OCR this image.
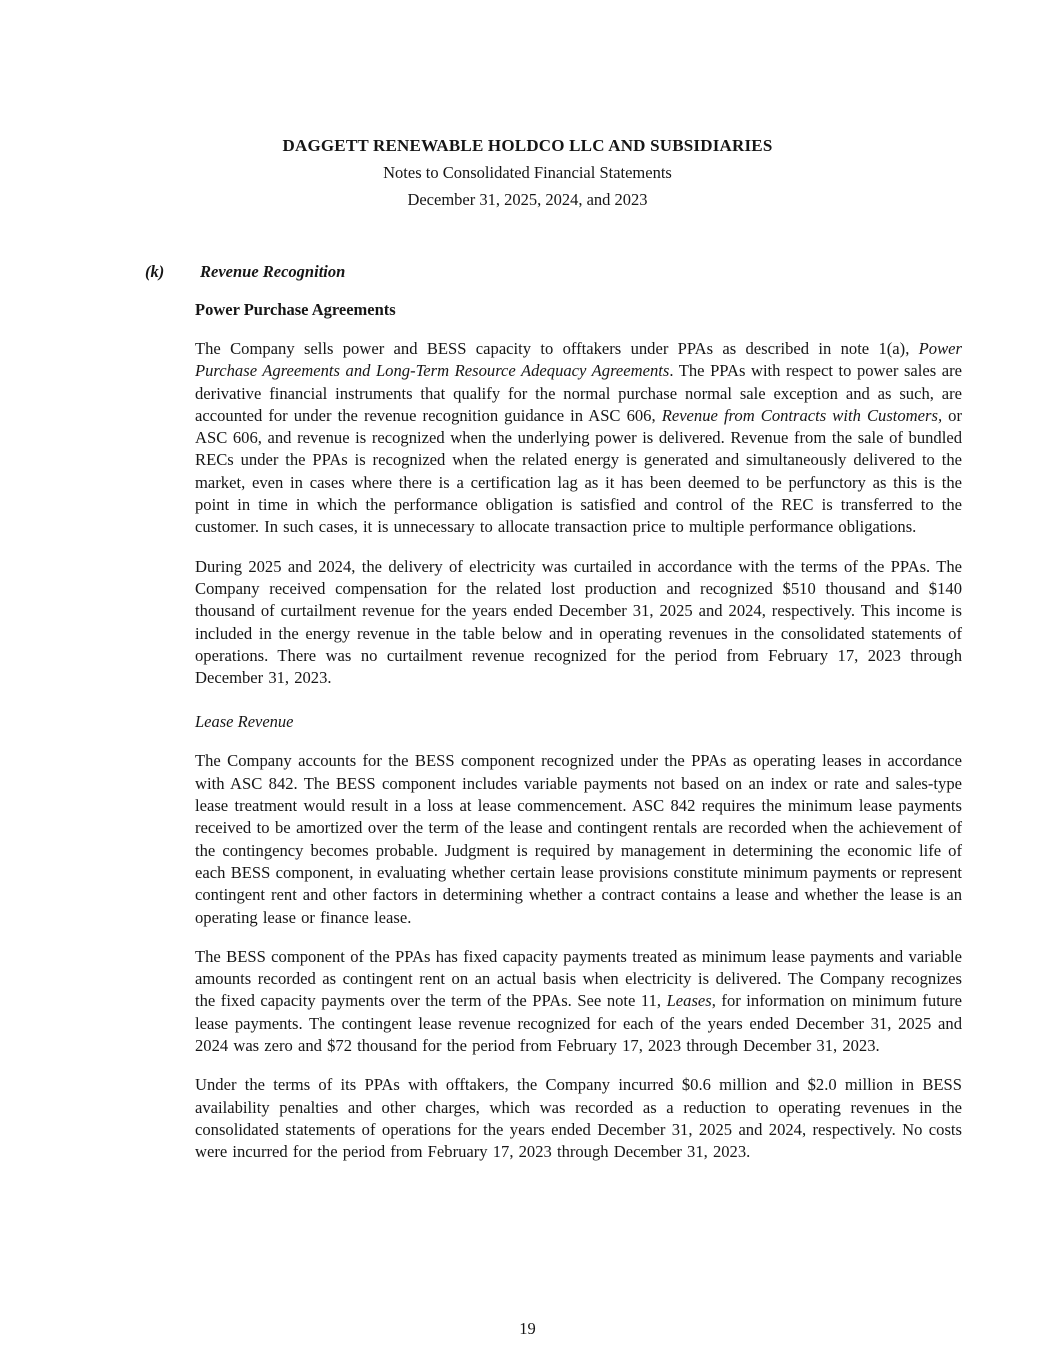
DAGGETT RENEWABLE HOLDCO LLC AND SUBSIDIARIES
Notes to Consolidated Financial Statements
December 31, 2025, 2024, and 2023
(k) Revenue Recognition
Power Purchase Agreements

The Company sells power and BESS capacity to offtakers under PPAs as described in note 1(a), Power Purchase Agreements and Long-Term Resource Adequacy Agreements. The PPAs with respect to power sales are derivative financial instruments that qualify for the normal purchase normal sale exception and as such, are accounted for under the revenue recognition guidance in ASC 606, Revenue from Contracts with Customers, or ASC 606, and revenue is recognized when the underlying power is delivered. Revenue from the sale of bundled RECs under the PPAs is recognized when the related energy is generated and simultaneously delivered to the market, even in cases where there is a certification lag as it has been deemed to be perfunctory as this is the point in time in which the performance obligation is satisfied and control of the REC is transferred to the customer. In such cases, it is unnecessary to allocate transaction price to multiple performance obligations.

During 2025 and 2024, the delivery of electricity was curtailed in accordance with the terms of the PPAs. The Company received compensation for the related lost production and recognized $510 thousand and $140 thousand of curtailment revenue for the years ended December 31, 2025 and 2024, respectively. This income is included in the energy revenue in the table below and in operating revenues in the consolidated statements of operations. There was no curtailment revenue recognized for the period from February 17, 2023 through December 31, 2023.

Lease Revenue

The Company accounts for the BESS component recognized under the PPAs as operating leases in accordance with ASC 842. The BESS component includes variable payments not based on an index or rate and sales-type lease treatment would result in a loss at lease commencement. ASC 842 requires the minimum lease payments received to be amortized over the term of the lease and contingent rentals are recorded when the achievement of the contingency becomes probable. Judgment is required by management in determining the economic life of each BESS component, in evaluating whether certain lease provisions constitute minimum payments or represent contingent rent and other factors in determining whether a contract contains a lease and whether the lease is an operating lease or finance lease.

The BESS component of the PPAs has fixed capacity payments treated as minimum lease payments and variable amounts recorded as contingent rent on an actual basis when electricity is delivered. The Company recognizes the fixed capacity payments over the term of the PPAs. See note 11, Leases, for information on minimum future lease payments. The contingent lease revenue recognized for each of the years ended December 31, 2025 and 2024 was zero and $72 thousand for the period from February 17, 2023 through December 31, 2023.

Under the terms of its PPAs with offtakers, the Company incurred $0.6 million and $2.0 million in BESS availability penalties and other charges, which was recorded as a reduction to operating revenues in the consolidated statements of operations for the years ended December 31, 2025 and 2024, respectively. No costs were incurred for the period from February 17, 2023 through December 31, 2023.

19
